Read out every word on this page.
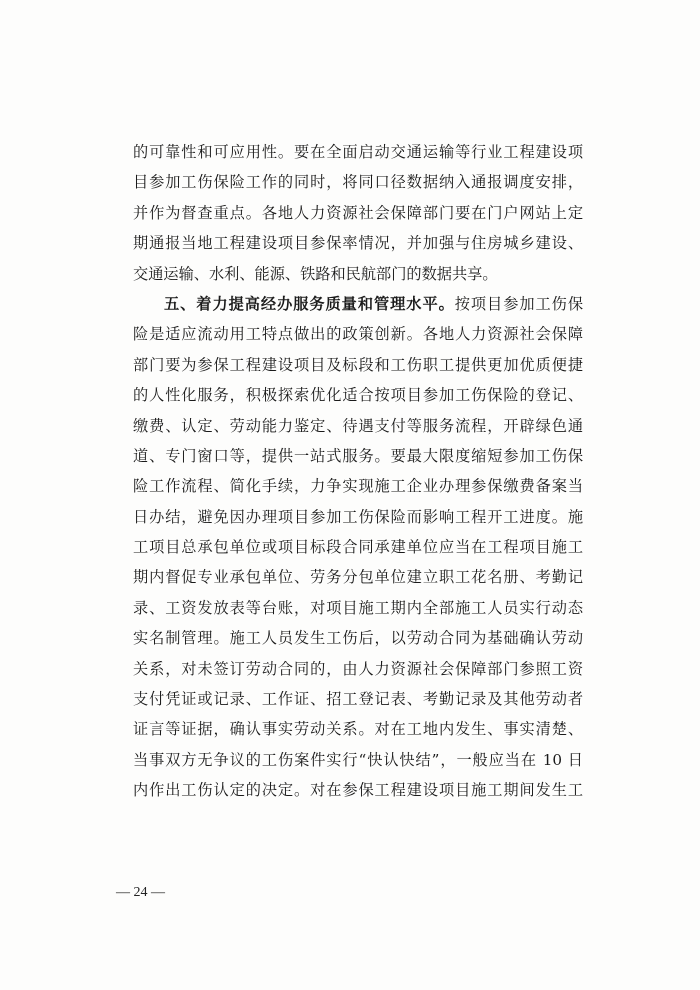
的可靠性和可应用性。要在全面启动交通运输等行业工程建设项
目参加工伤保险工作的同时，将同口径数据纳入通报调度安排，
并作为督查重点。各地人力资源社会保障部门要在门户网站上定
期通报当地工程建设项目参保率情况，并加强与住房城乡建设、
交通运输、水利、能源、铁路和民航部门的数据共享。
五、着力提高经办服务质量和管理水平。按项目参加工伤保
险是适应流动用工特点做出的政策创新。各地人力资源社会保障
部门要为参保工程建设项目及标段和工伤职工提供更加优质便捷
的人性化服务，积极探索优化适合按项目参加工伤保险的登记、
缴费、认定、劳动能力鉴定、待遇支付等服务流程，开辟绿色通
道、专门窗口等，提供一站式服务。要最大限度缩短参加工伤保
险工作流程、简化手续，力争实现施工企业办理参保缴费备案当
日办结，避免因办理项目参加工伤保险而影响工程开工进度。施
工项目总承包单位或项目标段合同承建单位应当在工程项目施工
期内督促专业承包单位、劳务分包单位建立职工花名册、考勤记
录、工资发放表等台账，对项目施工期内全部施工人员实行动态
实名制管理。施工人员发生工伤后，以劳动合同为基础确认劳动
关系，对未签订劳动合同的，由人力资源社会保障部门参照工资
支付凭证或记录、工作证、招工登记表、考勤记录及其他劳动者
证言等证据，确认事实劳动关系。对在工地内发生、事实清楚、
当事双方无争议的工伤案件实行“快认快结”，一般应当在 10 日
内作出工伤认定的决定。对在参保工程建设项目施工期间发生工
— 24 —
